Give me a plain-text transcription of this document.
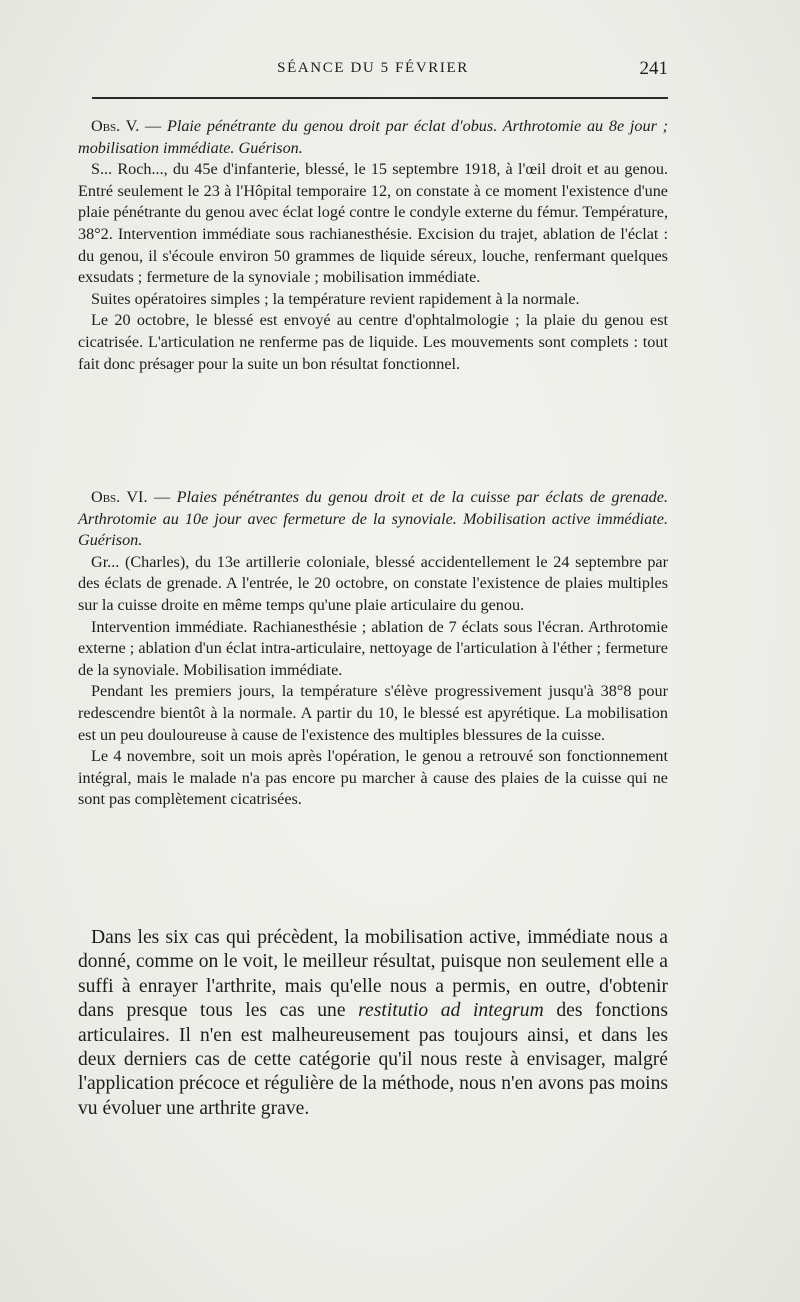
SÉANCE DU 5 FÉVRIER	241

Obs. V. — Plaie pénétrante du genou droit par éclat d'obus. Arthrotomie au 8e jour ; mobilisation immédiate. Guérison.

S... Roch..., du 45e d'infanterie, blessé, le 15 septembre 1918, à l'œil droit et au genou. Entré seulement le 23 à l'Hôpital temporaire 12, on constate à ce moment l'existence d'une plaie pénétrante du genou avec éclat logé contre le condyle externe du fémur. Température, 38°2. Intervention immédiate sous rachianesthésie. Excision du trajet, ablation de l'éclat : du genou, il s'écoule environ 50 grammes de liquide séreux, louche, renfermant quelques exsudats ; fermeture de la synoviale ; mobilisation immédiate.

Suites opératoires simples ; la température revient rapidement à la normale.

Le 20 octobre, le blessé est envoyé au centre d'ophtalmologie ; la plaie du genou est cicatrisée. L'articulation ne renferme pas de liquide. Les mouvements sont complets : tout fait donc présager pour la suite un bon résultat fonctionnel.

Obs. VI. — Plaies pénétrantes du genou droit et de la cuisse par éclats de grenade. Arthrotomie au 10e jour avec fermeture de la synoviale. Mobilisation active immédiate. Guérison.

Gr... (Charles), du 13e artillerie coloniale, blessé accidentellement le 24 septembre par des éclats de grenade. A l'entrée, le 20 octobre, on constate l'existence de plaies multiples sur la cuisse droite en même temps qu'une plaie articulaire du genou.

Intervention immédiate. Rachianesthésie ; ablation de 7 éclats sous l'écran. Arthrotomie externe ; ablation d'un éclat intra-articulaire, nettoyage de l'articulation à l'éther ; fermeture de la synoviale. Mobilisation immédiate.

Pendant les premiers jours, la température s'élève progressivement jusqu'à 38°8 pour redescendre bientôt à la normale. A partir du 10, le blessé est apyrétique. La mobilisation est un peu douloureuse à cause de l'existence des multiples blessures de la cuisse.

Le 4 novembre, soit un mois après l'opération, le genou a retrouvé son fonctionnement intégral, mais le malade n'a pas encore pu marcher à cause des plaies de la cuisse qui ne sont pas complètement cicatrisées.

Dans les six cas qui précèdent, la mobilisation active, immédiate nous a donné, comme on le voit, le meilleur résultat, puisque non seulement elle a suffi à enrayer l'arthrite, mais qu'elle nous a permis, en outre, d'obtenir dans presque tous les cas une restitutio ad integrum des fonctions articulaires. Il n'en est malheureusement pas toujours ainsi, et dans les deux derniers cas de cette catégorie qu'il nous reste à envisager, malgré l'application précoce et régulière de la méthode, nous n'en avons pas moins vu évoluer une arthrite grave.
